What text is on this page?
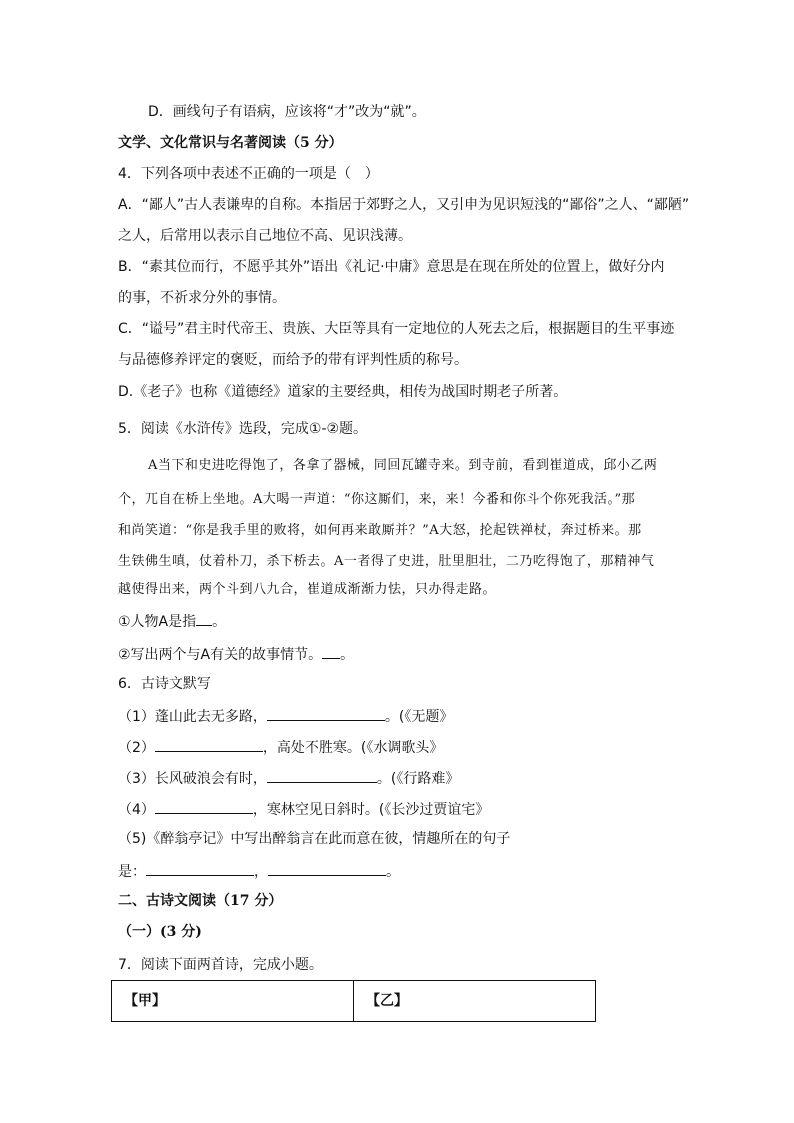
D．画线句子有语病，应该将“才”改为“就”。
文学、文化常识与名著阅读（5 分）
4．下列各项中表述不正确的一项是（　）
A．“鄙人”古人表谦卑的自称。本指居于郊野之人，又引申为见识短浅的“鄙俗”之人、“鄙陋”
之人，后常用以表示自己地位不高、见识浅薄。
B．“素其位而行，不愿乎其外”语出《礼记·中庸》意思是在现在所处的位置上，做好分内
的事，不祈求分外的事情。
C．“谥号”君主时代帝王、贵族、大臣等具有一定地位的人死去之后，根据题目的生平事迹
与品德修养评定的褒贬，而给予的带有评判性质的称号。
D.《老子》也称《道德经》道家的主要经典，相传为战国时期老子所著。
5．阅读《水浒传》选段，完成①-②题。
A当下和史进吃得饱了，各拿了器械，同回瓦罐寺来。到寺前，看到崔道成，邱小乙两
个，兀自在桥上坐地。A大喝一声道：“你这厮们，来，来！今番和你斗个你死我活。”那
和尚笑道：“你是我手里的败将，如何再来敢厮并？”A大怒，抡起铁禅杖，奔过桥来。那
生铁佛生嗔，仗着朴刀，杀下桥去。A一者得了史进，肚里胆壮，二乃吃得饱了，那精神气
越使得出来，两个斗到八九合，崔道成渐渐力怯，只办得走路。
①人物A是指 。
②写出两个与A有关的故事情节。 。
6．古诗文默写
（1）蓬山此去无多路，	。(《无题》
（2）	，高处不胜寒。(《水调歌头》
（3）长风破浪会有时，	。(《行路难》
（4）	，寒林空见日斜时。(《长沙过贾谊宅》
（5)《醉翁亭记》中写出醉翁言在此而意在彼，情趣所在的句子
是：	，	。
二、古诗文阅读（17 分）
（一）(3 分)
7．阅读下面两首诗，完成小题。
【甲】	【乙】
